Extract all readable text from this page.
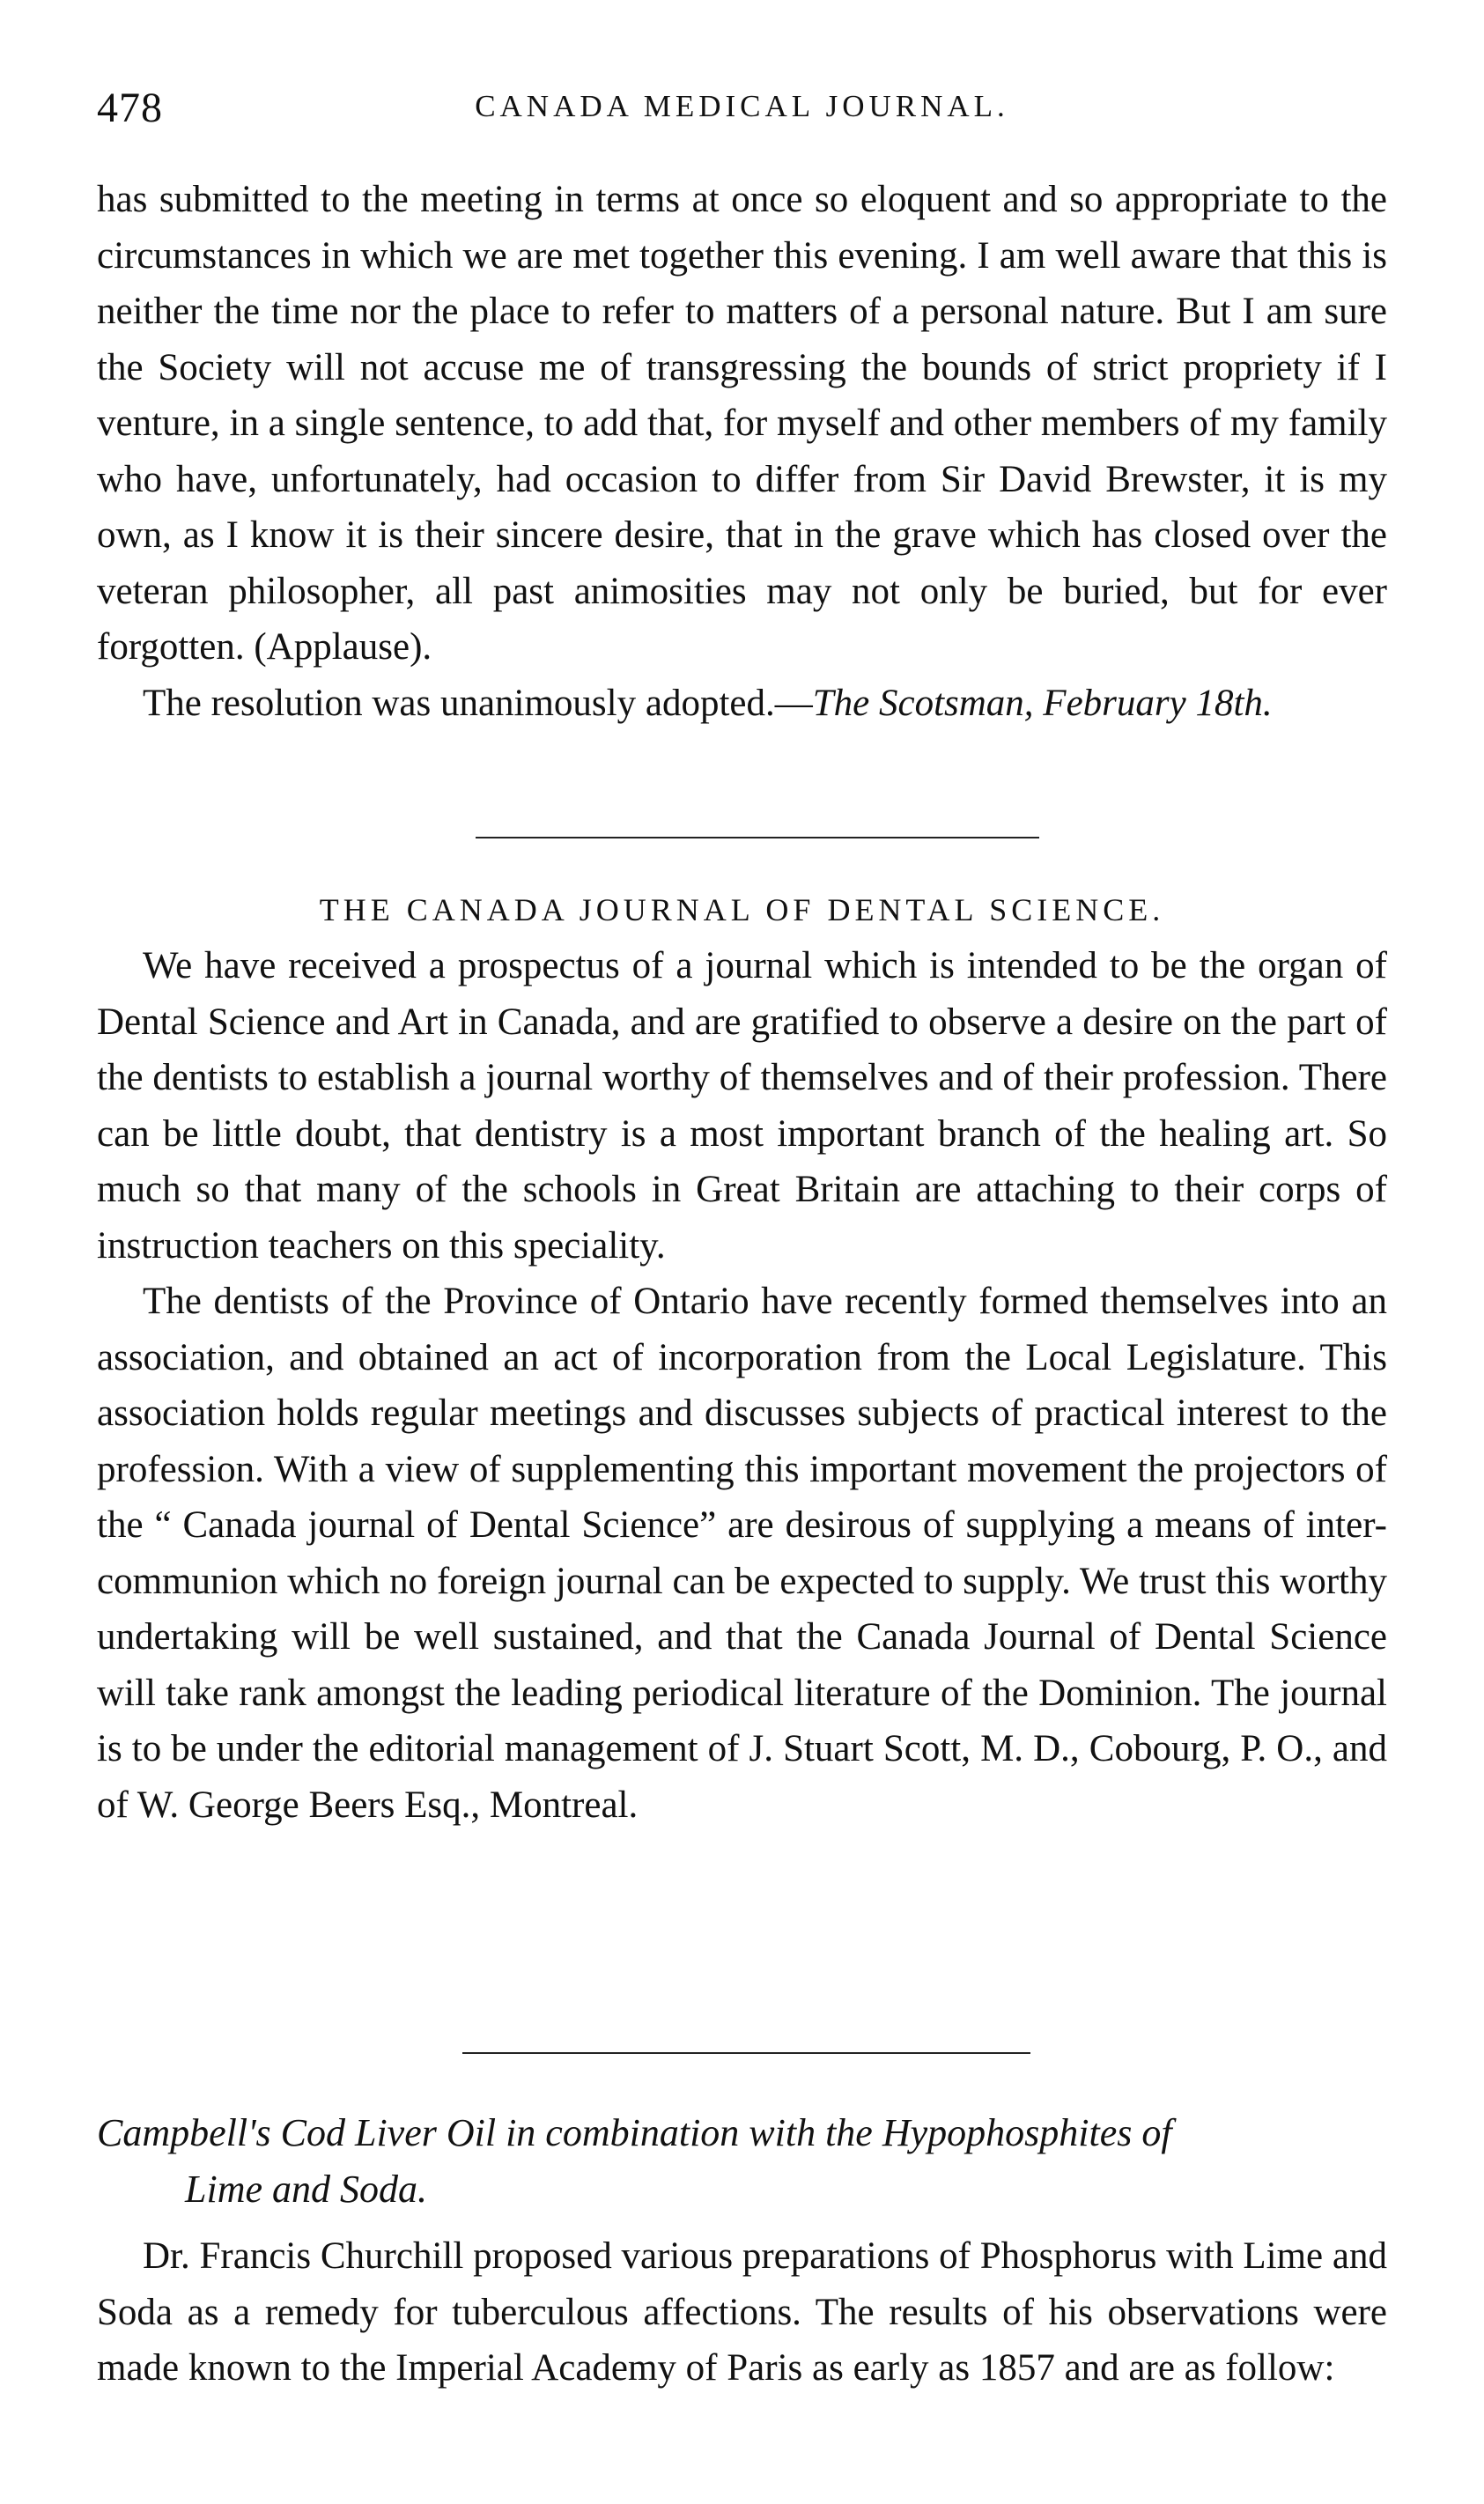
478	CANADA MEDICAL JOURNAL.

has submitted to the meeting in terms at once so eloquent and so appropriate to the circumstances in which we are met together this evening. I am well aware that this is neither the time nor the place to refer to matters of a personal nature. But I am sure the Society will not accuse me of transgressing the bounds of strict propriety if I venture, in a single sentence, to add that, for myself and other members of my family who have, unfortunately, had occasion to differ from Sir David Brewster, it is my own, as I know it is their sincere desire, that in the grave which has closed over the veteran philosopher, all past animosities may not only be buried, but for ever forgotten. (Applause).

The resolution was unanimously adopted.—The Scotsman, February 18th.

THE CANADA JOURNAL OF DENTAL SCIENCE.

We have received a prospectus of a journal which is intended to be the organ of Dental Science and Art in Canada, and are gratified to observe a desire on the part of the dentists to establish a journal worthy of themselves and of their profession. There can be little doubt, that dentistry is a most important branch of the healing art. So much so that many of the schools in Great Britain are attaching to their corps of instruction teachers on this speciality.

The dentists of the Province of Ontario have recently formed themselves into an association, and obtained an act of incorporation from the Local Legislature. This association holds regular meetings and discusses subjects of practical interest to the profession. With a view of supplementing this important movement the projectors of the “ Canada journal of Dental Science” are desirous of supplying a means of inter-communion which no foreign journal can be expected to supply. We trust this worthy undertaking will be well sustained, and that the Canada Journal of Dental Science will take rank amongst the leading periodical literature of the Dominion. The journal is to be under the editorial management of J. Stuart Scott, M. D., Cobourg, P. O., and of W. George Beers Esq., Montreal.

Campbell's Cod Liver Oil in combination with the Hypophosphites of
Lime and Soda.

Dr. Francis Churchill proposed various preparations of Phosphorus with Lime and Soda as a remedy for tuberculous affections. The results of his observations were made known to the Imperial Academy of Paris as early as 1857 and are as follow:
